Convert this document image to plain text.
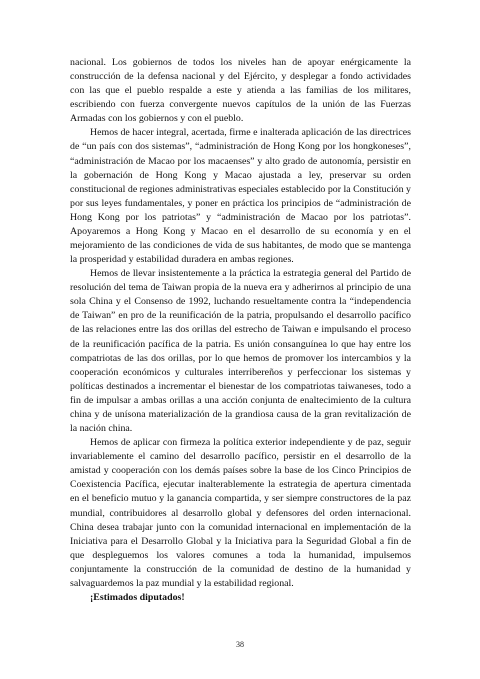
nacional. Los gobiernos de todos los niveles han de apoyar enérgicamente la construcción de la defensa nacional y del Ejército, y desplegar a fondo actividades con las que el pueblo respalde a este y atienda a las familias de los militares, escribiendo con fuerza convergente nuevos capítulos de la unión de las Fuerzas Armadas con los gobiernos y con el pueblo.

Hemos de hacer integral, acertada, firme e inalterada aplicación de las directrices de “un país con dos sistemas”, “administración de Hong Kong por los hongkoneses”, “administración de Macao por los macaenses” y alto grado de autonomía, persistir en la gobernación de Hong Kong y Macao ajustada a ley, preservar su orden constitucional de regiones administrativas especiales establecido por la Constitución y por sus leyes fundamentales, y poner en práctica los principios de “administración de Hong Kong por los patriotas” y “administración de Macao por los patriotas”. Apoyaremos a Hong Kong y Macao en el desarrollo de su economía y en el mejoramiento de las condiciones de vida de sus habitantes, de modo que se mantenga la prosperidad y estabilidad duradera en ambas regiones.

Hemos de llevar insistentemente a la práctica la estrategia general del Partido de resolución del tema de Taiwan propia de la nueva era y adherirnos al principio de una sola China y el Consenso de 1992, luchando resueltamente contra la “independencia de Taiwan” en pro de la reunificación de la patria, propulsando el desarrollo pacífico de las relaciones entre las dos orillas del estrecho de Taiwan e impulsando el proceso de la reunificación pacífica de la patria. Es unión consanguínea lo que hay entre los compatriotas de las dos orillas, por lo que hemos de promover los intercambios y la cooperación económicos y culturales interribereños y perfeccionar los sistemas y políticas destinados a incrementar el bienestar de los compatriotas taiwaneses, todo a fin de impulsar a ambas orillas a una acción conjunta de enaltecimiento de la cultura china y de unísona materialización de la grandiosa causa de la gran revitalización de la nación china.

Hemos de aplicar con firmeza la política exterior independiente y de paz, seguir invariablemente el camino del desarrollo pacífico, persistir en el desarrollo de la amistad y cooperación con los demás países sobre la base de los Cinco Principios de Coexistencia Pacífica, ejecutar inalterablemente la estrategia de apertura cimentada en el beneficio mutuo y la ganancia compartida, y ser siempre constructores de la paz mundial, contribuidores al desarrollo global y defensores del orden internacional. China desea trabajar junto con la comunidad internacional en implementación de la Iniciativa para el Desarrollo Global y la Iniciativa para la Seguridad Global a fin de que despleguemos los valores comunes a toda la humanidad, impulsemos conjuntamente la construcción de la comunidad de destino de la humanidad y salvaguardemos la paz mundial y la estabilidad regional.

¡Estimados diputados!

38
